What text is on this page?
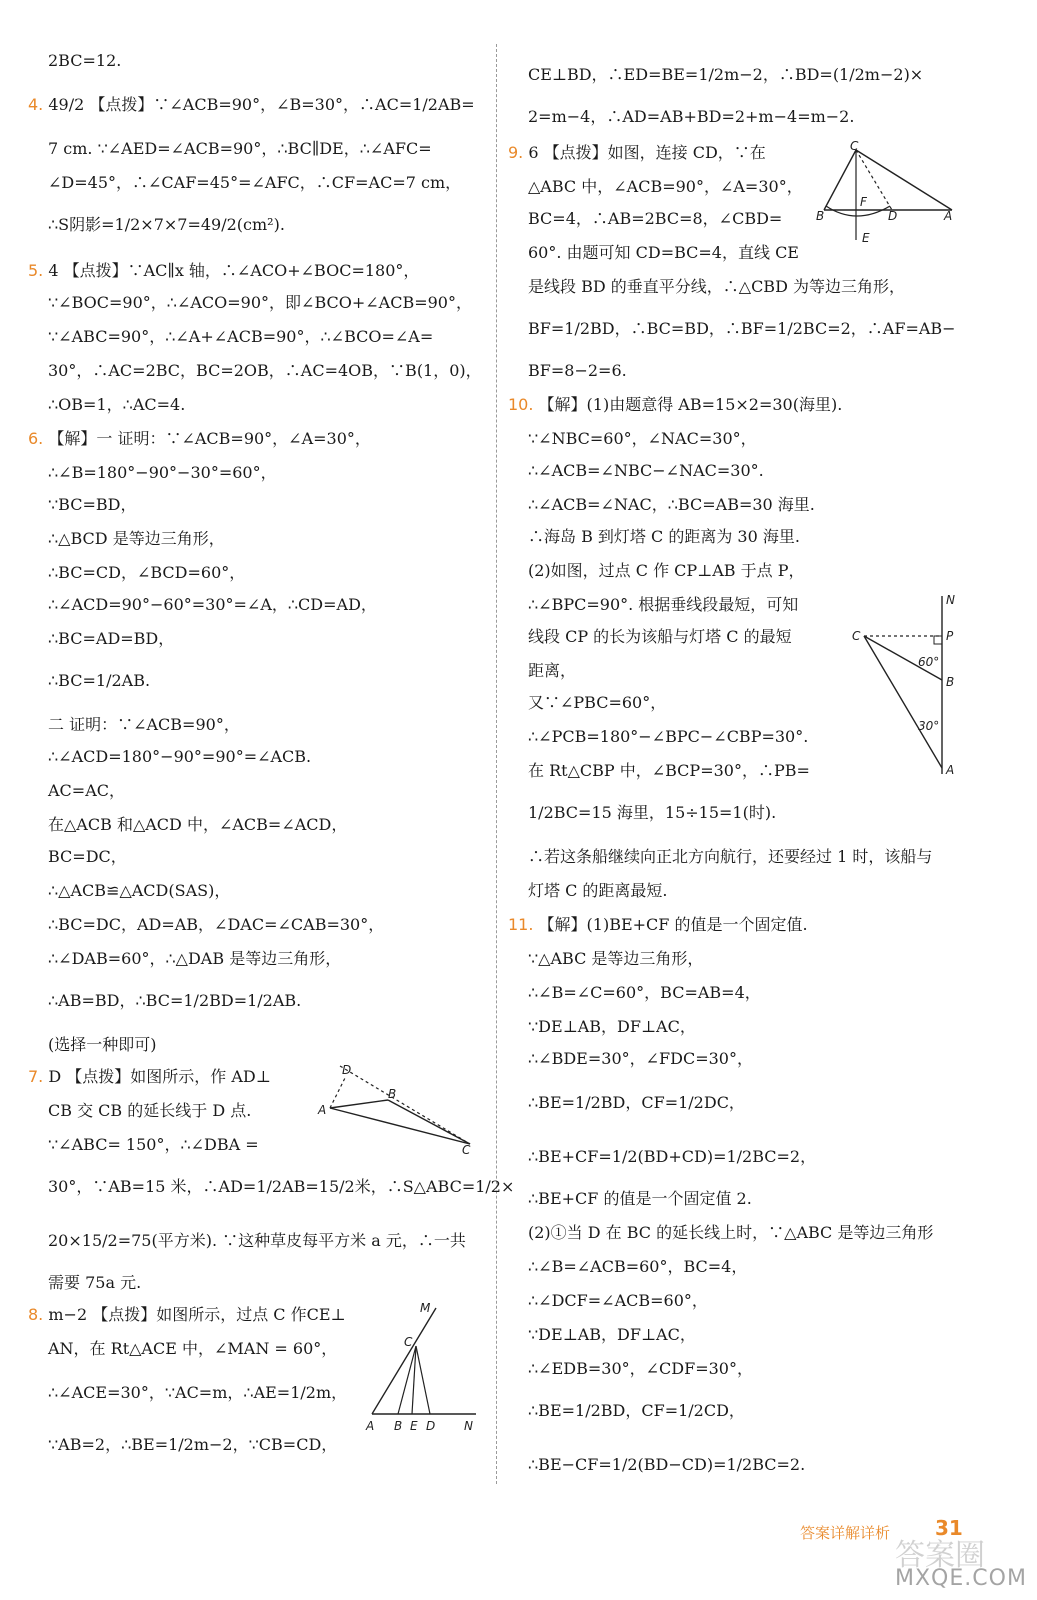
2BC=12.
4. 49/2 【点拨】∵∠ACB=90°，∠B=30°，∴AC=1/2AB=
7 cm. ∵∠AED=∠ACB=90°，∴BC∥DE，∴∠AFC=
∠D=45°，∴∠CAF=45°=∠AFC，∴CF=AC=7 cm，
∴S阴影=1/2×7×7=49/2(cm²).
5. 4 【点拨】∵AC∥x 轴，∴∠ACO+∠BOC=180°，
∵∠BOC=90°，∴∠ACO=90°，即∠BCO+∠ACB=90°，
∵∠ABC=90°，∴∠A+∠ACB=90°，∴∠BCO=∠A=
30°，∴AC=2BC，BC=2OB，∴AC=4OB，∵B(1，0)，
∴OB=1，∴AC=4.
6. 【解】一 证明：∵∠ACB=90°，∠A=30°，
∴∠B=180°−90°−30°=60°，
∵BC=BD，
∴△BCD 是等边三角形，
∴BC=CD，∠BCD=60°，
∴∠ACD=90°−60°=30°=∠A，∴CD=AD，
∴BC=AD=BD，
∴BC=1/2AB.
二 证明：∵∠ACB=90°，
∴∠ACD=180°−90°=90°=∠ACB.
AC=AC，
在△ACB 和△ACD 中，∠ACB=∠ACD，
BC=DC，
∴△ACB≌△ACD(SAS)，
∴BC=DC，AD=AB，∠DAC=∠CAB=30°，
∴∠DAB=60°，∴△DAB 是等边三角形，
∴AB=BD，∴BC=1/2BD=1/2AB.
(选择一种即可)
7. D 【点拨】如图所示，作 AD⊥
CB 交 CB 的延长线于 D 点.
∵∠ABC= 150°，∴∠DBA =
30°，∵AB=15 米，∴AD=1/2AB=15/2米，∴S△ABC=1/2×
20×15/2=75(平方米). ∵这种草皮每平方米 a 元，∴一共
需要 75a 元.
8. m−2 【点拨】如图所示，过点 C 作CE⊥
AN，在 Rt△ACE 中，∠MAN = 60°，
∴∠ACE=30°，∵AC=m，∴AE=1/2m，
∵AB=2，∴BE=1/2m−2，∵CB=CD，
CE⊥BD，∴ED=BE=1/2m−2，∴BD=(1/2m−2)×
2=m−4，∴AD=AB+BD=2+m−4=m−2.
9. 6 【点拨】如图，连接 CD，∵在
△ABC 中，∠ACB=90°，∠A=30°，
BC=4，∴AB=2BC=8，∠CBD=
60°. 由题可知 CD=BC=4，直线 CE
是线段 BD 的垂直平分线，∴△CBD 为等边三角形，
BF=1/2BD，∴BC=BD，∴BF=1/2BC=2，∴AF=AB−
BF=8−2=6.
10. 【解】(1)由题意得 AB=15×2=30(海里).
∵∠NBC=60°，∠NAC=30°，
∴∠ACB=∠NBC−∠NAC=30°.
∴∠ACB=∠NAC，∴BC=AB=30 海里.
∴海岛 B 到灯塔 C 的距离为 30 海里.
(2)如图，过点 C 作 CP⊥AB 于点 P，
∴∠BPC=90°. 根据垂线段最短，可知
线段 CP 的长为该船与灯塔 C 的最短
距离，
又∵∠PBC=60°，
∴∠PCB=180°−∠BPC−∠CBP=30°.
在 Rt△CBP 中，∠BCP=30°，∴PB=
1/2BC=15 海里，15÷15=1(时).
∴若这条船继续向正北方向航行，还要经过 1 时，该船与
灯塔 C 的距离最短.
11. 【解】(1)BE+CF 的值是一个固定值.
∵△ABC 是等边三角形，
∴∠B=∠C=60°，BC=AB=4，
∵DE⊥AB，DF⊥AC，
∴∠BDE=30°，∠FDC=30°，
∴BE=1/2BD，CF=1/2DC，
∴BE+CF=1/2(BD+CD)=1/2BC=2，
∴BE+CF 的值是一个固定值 2.
(2)①当 D 在 BC 的延长线上时，∵△ABC 是等边三角形
∴∠B=∠ACB=60°，BC=4，
∴∠DCF=∠ACB=60°，
∵DE⊥AB，DF⊥AC，
∴∠EDB=30°，∠CDF=30°，
∴BE=1/2BD，CF=1/2CD，
∴BE−CF=1/2(BD−CD)=1/2BC=2.
D
B
A
C
M
C
A B E D N
C
B
F
D	A
E
N
C	P
60°
B
30°
A
答案详解详析 31
答案圈
MXQE.COM
